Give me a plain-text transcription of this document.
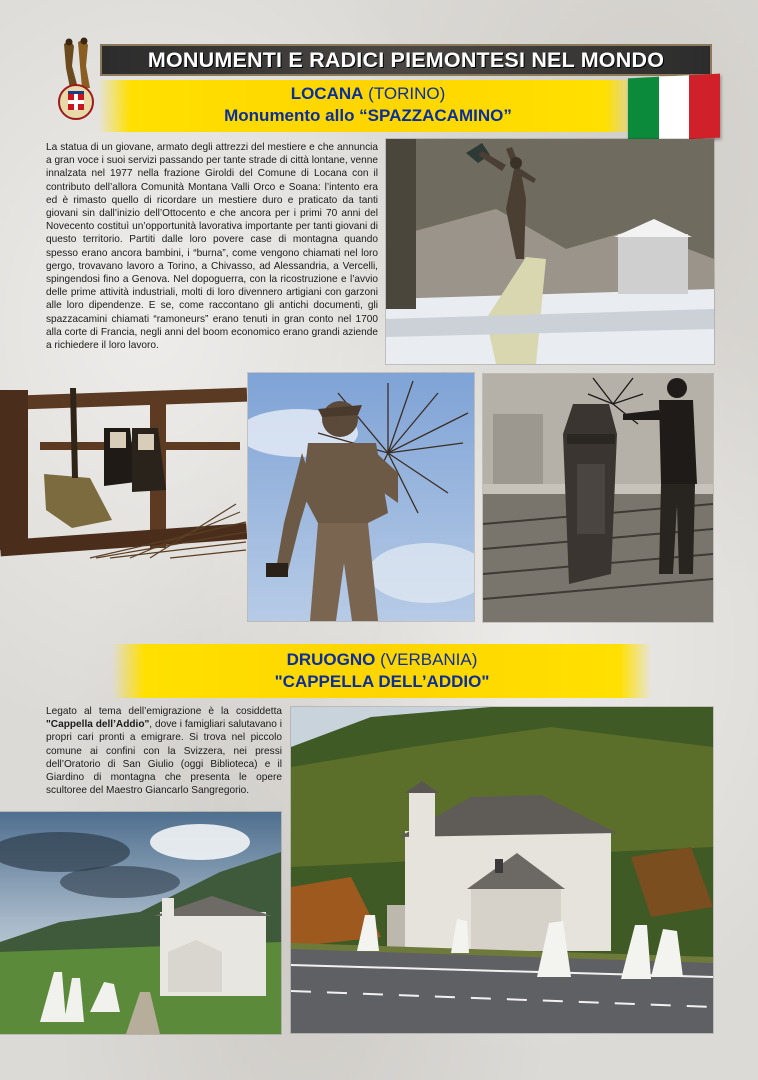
MONUMENTI E RADICI PIEMONTESI NEL MONDO
LOCANA (TORINO)
Monumento allo “SPAZZACAMINO”
La statua di un giovane, armato degli attrezzi del mestiere e che annuncia a gran voce i suoi servizi passando per tante strade di città lontane, venne innalzata nel 1977 nella frazione Giroldi del Comune di Locana con il contributo dell’allora Comunità Montana Valli Orco e Soana: l’intento era ed è rimasto quello di ricordare un mestiere duro e praticato da tanti giovani sin dall’inizio dell’Ottocento e che ancora per i primi 70 anni del Novecento costituì un’opportunità lavorativa importante per tanti giovani di questo territorio. Partiti dalle loro povere case di montagna quando spesso erano ancora bambini, i “burna”, come vengono chiamati nel loro gergo, trovavano lavoro a Torino, a Chivasso, ad Alessandria, a Vercelli, spingendosi fino a Genova. Nel dopoguerra, con la ricostruzione e l’avvio delle prime attività industriali, molti di loro divennero artigiani con garzoni alle loro dipendenze. E se, come raccontano gli antichi documenti, gli spazzacamini chiamati “ramoneurs” erano tenuti in gran conto nel 1700 alla corte di Francia, negli anni del boom economico erano grandi aziende a richiedere il loro lavoro.
DRUOGNO (VERBANIA)
"CAPPELLA DELL’ADDIO"
Legato al tema dell’emigrazione è la cosiddetta "Cappella dell’Addio", dove i famigliari salutavano i propri cari pronti a emigrare. Si trova nel piccolo comune ai confini con la Svizzera, nei pressi dell’Oratorio di San Giulio (oggi Biblioteca) e il Giardino di montagna che presenta le opere scultoree del Maestro Giancarlo Sangregorio.
